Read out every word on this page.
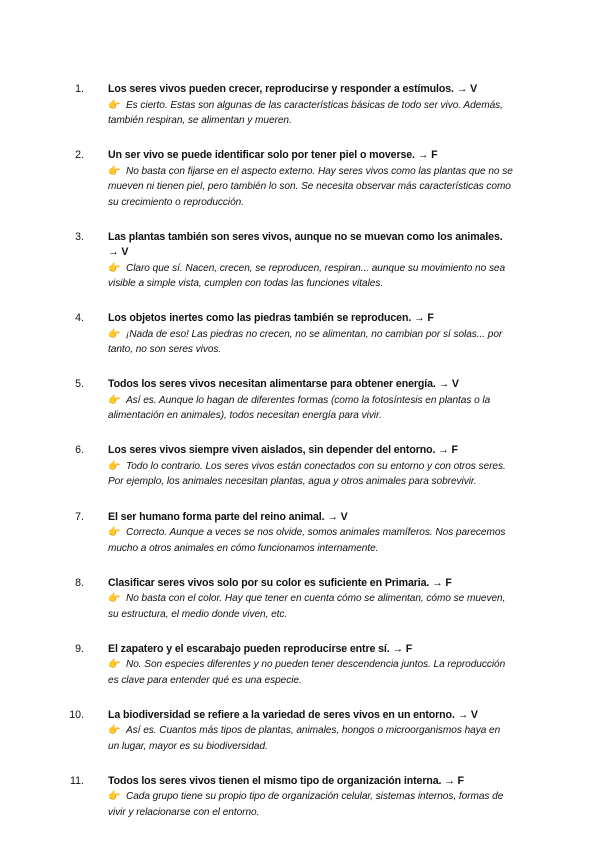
1. Los seres vivos pueden crecer, reproducirse y responder a estímulos. → V
👉 Es cierto. Estas son algunas de las características básicas de todo ser vivo. Además, también respiran, se alimentan y mueren.
2. Un ser vivo se puede identificar solo por tener piel o moverse. → F
👉 No basta con fijarse en el aspecto externo. Hay seres vivos como las plantas que no se mueven ni tienen piel, pero también lo son. Se necesita observar más características como su crecimiento o reproducción.
3. Las plantas también son seres vivos, aunque no se muevan como los animales. → V
👉 Claro que sí. Nacen, crecen, se reproducen, respiran... aunque su movimiento no sea visible a simple vista, cumplen con todas las funciones vitales.
4. Los objetos inertes como las piedras también se reproducen. → F
👉 ¡Nada de eso! Las piedras no crecen, no se alimentan, no cambian por sí solas... por tanto, no son seres vivos.
5. Todos los seres vivos necesitan alimentarse para obtener energía. → V
👉 Así es. Aunque lo hagan de diferentes formas (como la fotosíntesis en plantas o la alimentación en animales), todos necesitan energía para vivir.
6. Los seres vivos siempre viven aislados, sin depender del entorno. → F
👉 Todo lo contrario. Los seres vivos están conectados con su entorno y con otros seres. Por ejemplo, los animales necesitan plantas, agua y otros animales para sobrevivir.
7. El ser humano forma parte del reino animal. → V
👉 Correcto. Aunque a veces se nos olvide, somos animales mamíferos. Nos parecemos mucho a otros animales en cómo funcionamos internamente.
8. Clasificar seres vivos solo por su color es suficiente en Primaria. → F
👉 No basta con el color. Hay que tener en cuenta cómo se alimentan, cómo se mueven, su estructura, el medio donde viven, etc.
9. El zapatero y el escarabajo pueden reproducirse entre sí. → F
👉 No. Son especies diferentes y no pueden tener descendencia juntos. La reproducción es clave para entender qué es una especie.
10. La biodiversidad se refiere a la variedad de seres vivos en un entorno. → V
👉 Así es. Cuantos más tipos de plantas, animales, hongos o microorganismos haya en un lugar, mayor es su biodiversidad.
11. Todos los seres vivos tienen el mismo tipo de organización interna. → F
👉 Cada grupo tiene su propio tipo de organización celular, sistemas internos, formas de vivir y relacionarse con el entorno.
